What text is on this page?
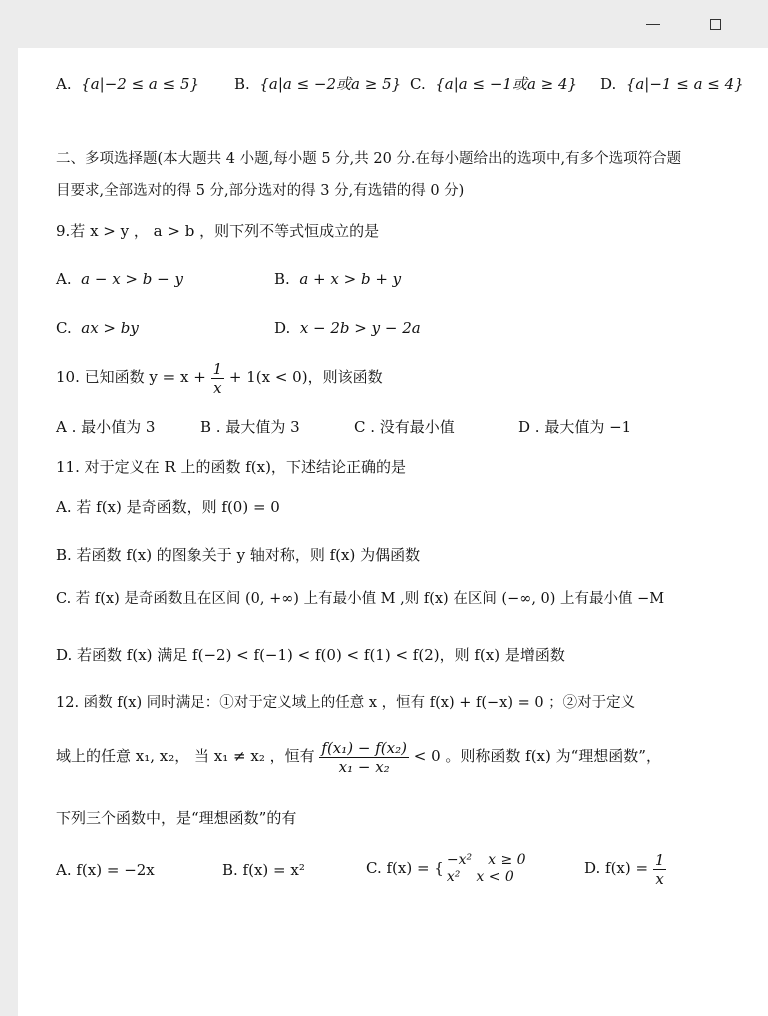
A. {a|−2 ≤ a ≤ 5} B. {a|a ≤ −2或a ≥ 5} C. {a|a ≤ −1或a ≥ 4} D. {a|−1 ≤ a ≤ 4}
二、多项选择题(本大题共 4 小题,每小题 5 分,共 20 分.在每小题给出的选项中,有多个选项符合题
目要求,全部选对的得 5 分,部分选对的得 3 分,有选错的得 0 分)
9.若 x > y ， a > b ，则下列不等式恒成立的是
A. a − x > b − y	B. a + x > b + y
C. ax > by	D. x − 2b > y − 2a
10. 已知函数 $y = x + \frac{1}{x} + 1(x < 0)$，则该函数
A . 最小值为 3	B . 最大值为 3	C . 没有最小值	D . 最大值为 −1
11. 对于定义在 R 上的函数 f(x)，下述结论正确的是
A. 若 f(x) 是奇函数，则 f(0) = 0
B. 若函数 f(x) 的图象关于 y 轴对称，则 f(x) 为偶函数
C. 若 f(x) 是奇函数且在区间 (0, +∞) 上有最小值 M ,则 f(x) 在区间 (−∞, 0) 上有最小值 −M
D. 若函数 f(x) 满足 f(−2) < f(−1) < f(0) < f(1) < f(2)，则 f(x) 是增函数
12. 函数 f(x) 同时满足：①对于定义域上的任意 x ，恒有 f(x) + f(−x) = 0 ；②对于定义
域上的任意 x₁, x₂， 当 x₁ ≠ x₂ ，恒有 $\frac{\text{f(x₁) − f(x₂)}}{\text{x₁ − x₂}} < 0$ 。则称函数 f(x) 为“理想函数”，
下列三个函数中，是“理想函数”的有
A. f(x) = −2x	B. f(x) = x²	C. f(x) = { −x² x ≥ 0
x² x < 0	D. $f(x) = \frac{1}{x}$
